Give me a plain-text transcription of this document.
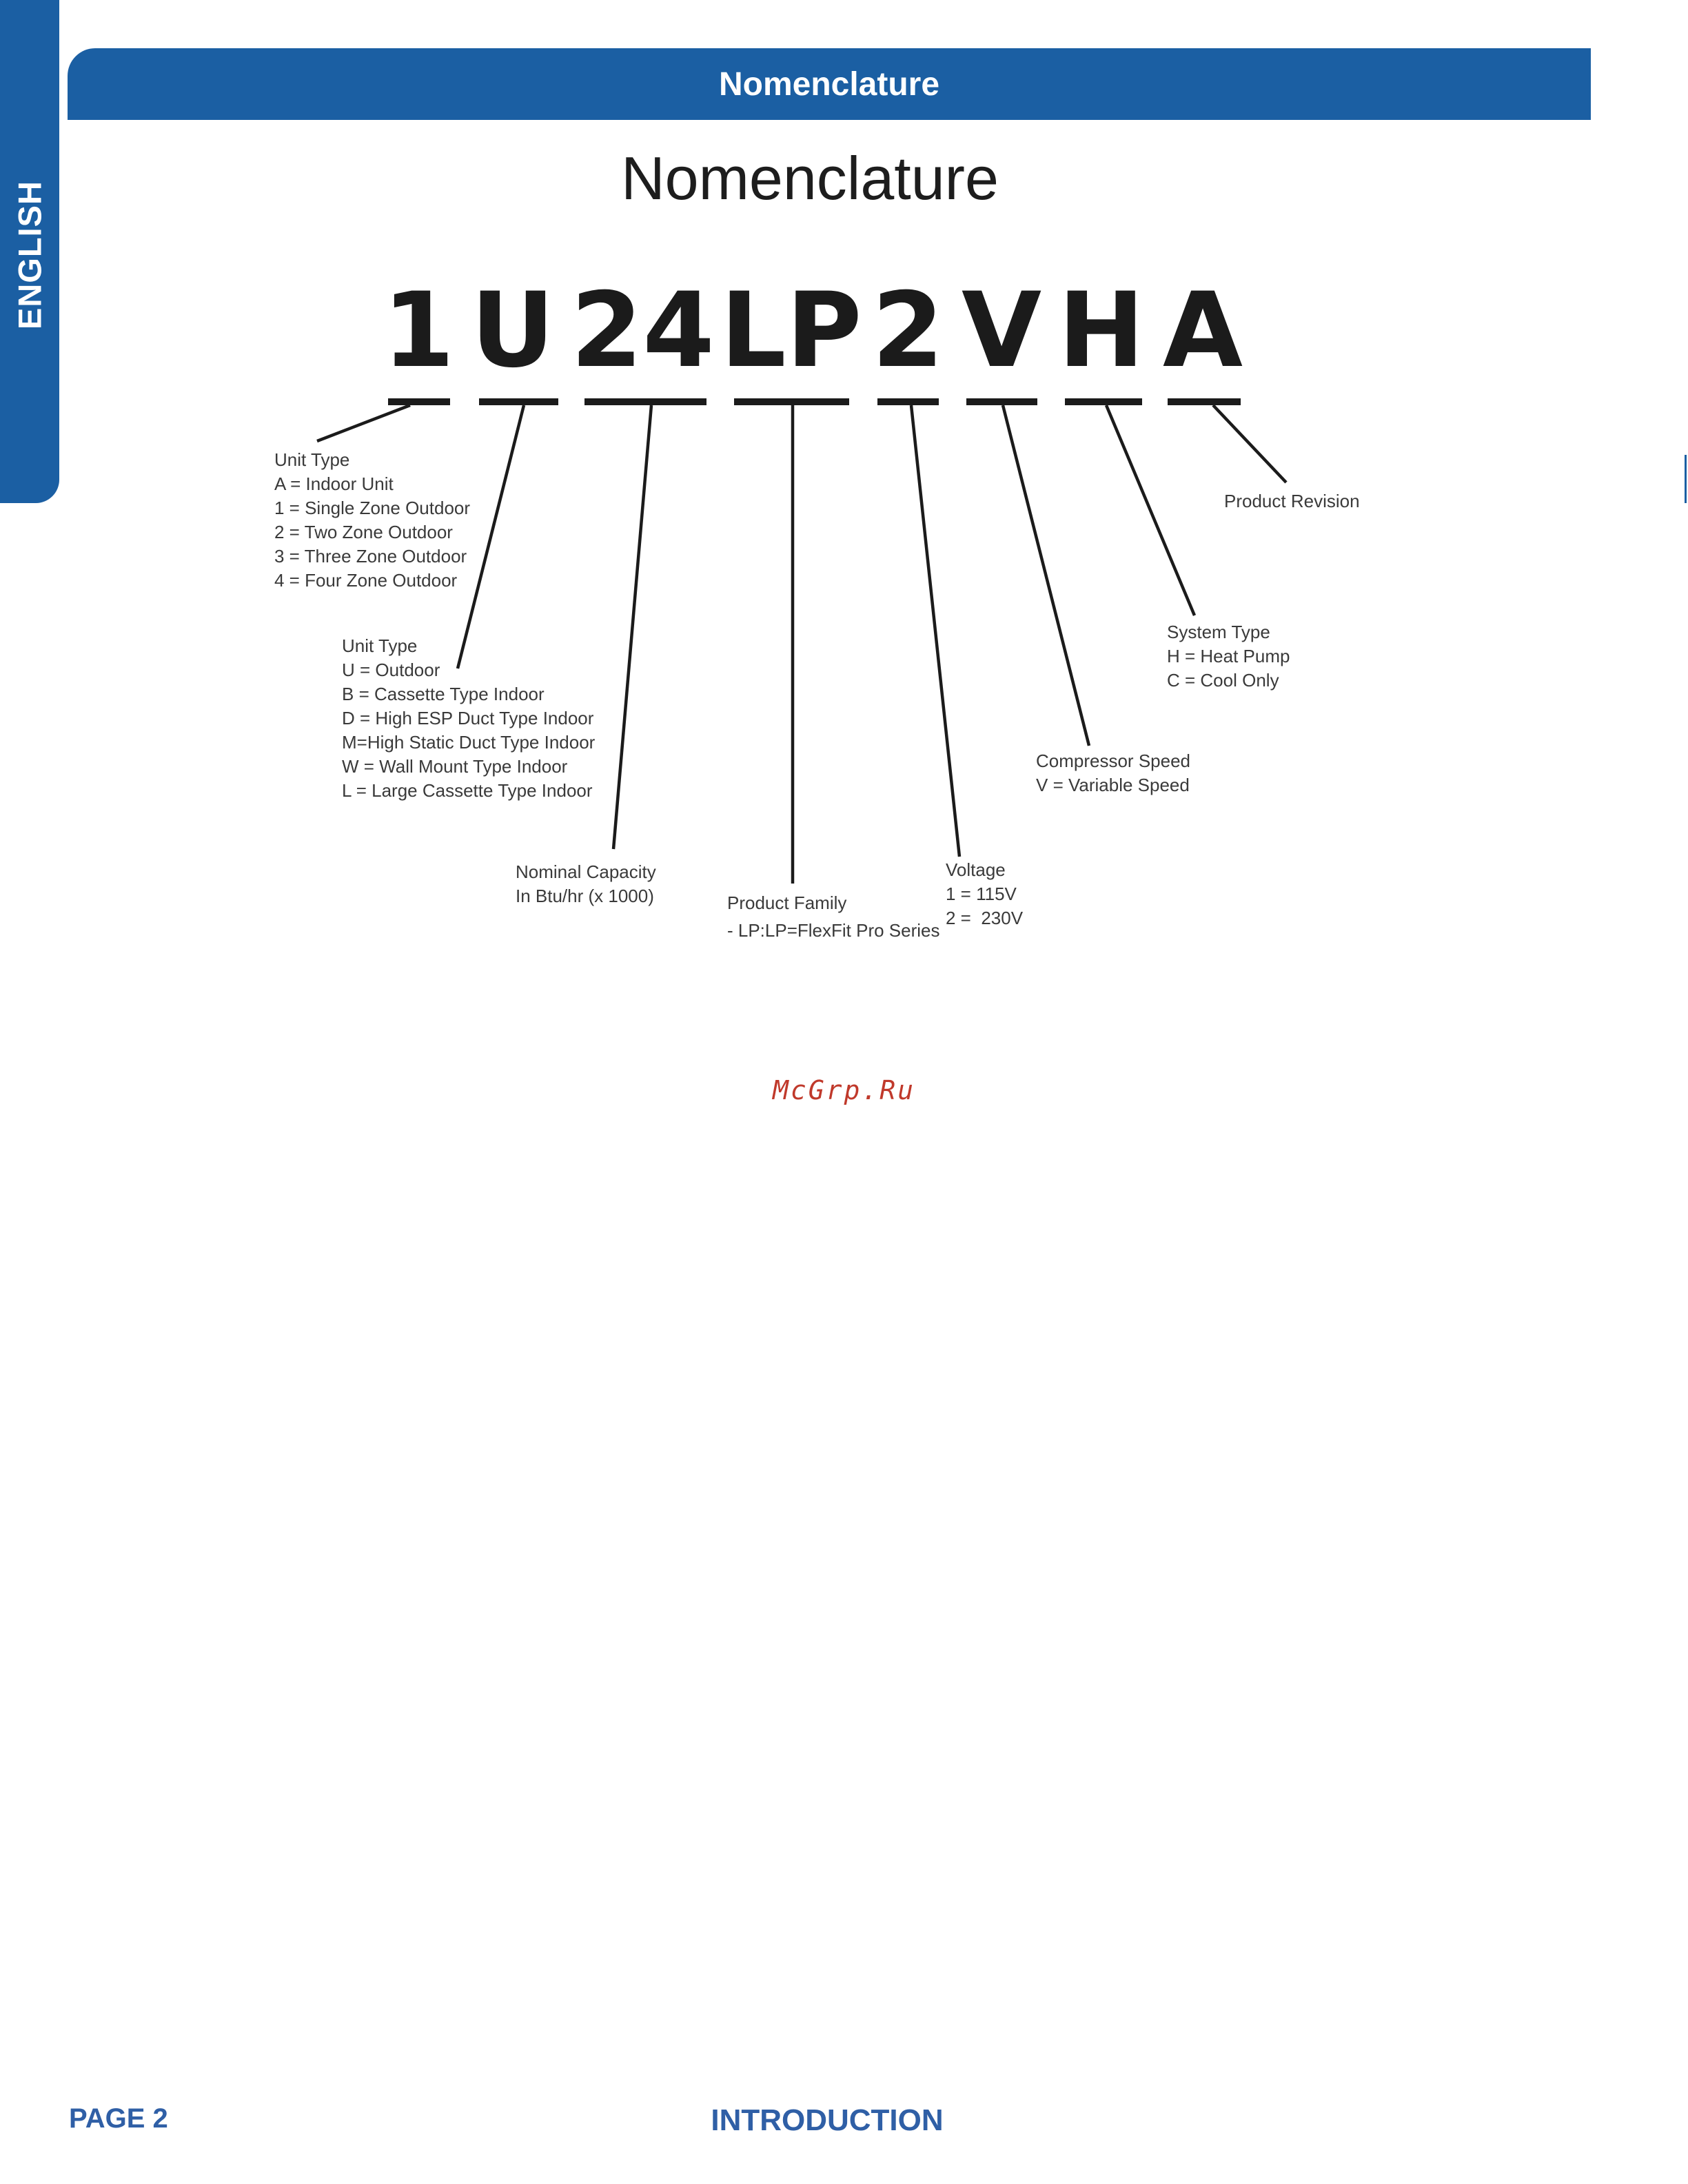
ENGLISH
Nomenclature
Nomenclature
1 U 24 LP 2 V H A
Unit Type
A = Indoor Unit
1 = Single Zone Outdoor
2 = Two Zone Outdoor
3 = Three Zone Outdoor
4 = Four Zone Outdoor
Unit Type
U = Outdoor
B = Cassette Type Indoor
D = High ESP Duct Type Indoor
M=High Static Duct Type Indoor
W = Wall Mount Type Indoor
L = Large Cassette Type Indoor
Nominal Capacity
In Btu/hr (x 1000)	Product Family
- LP:LP=FlexFit Pro Series
Voltage
1 = 115V
2 =  230V
Compressor Speed
V = Variable Speed
System Type
H = Heat Pump
C = Cool Only
Product Revision
McGrp.Ru
PAGE 2	INTRODUCTION
